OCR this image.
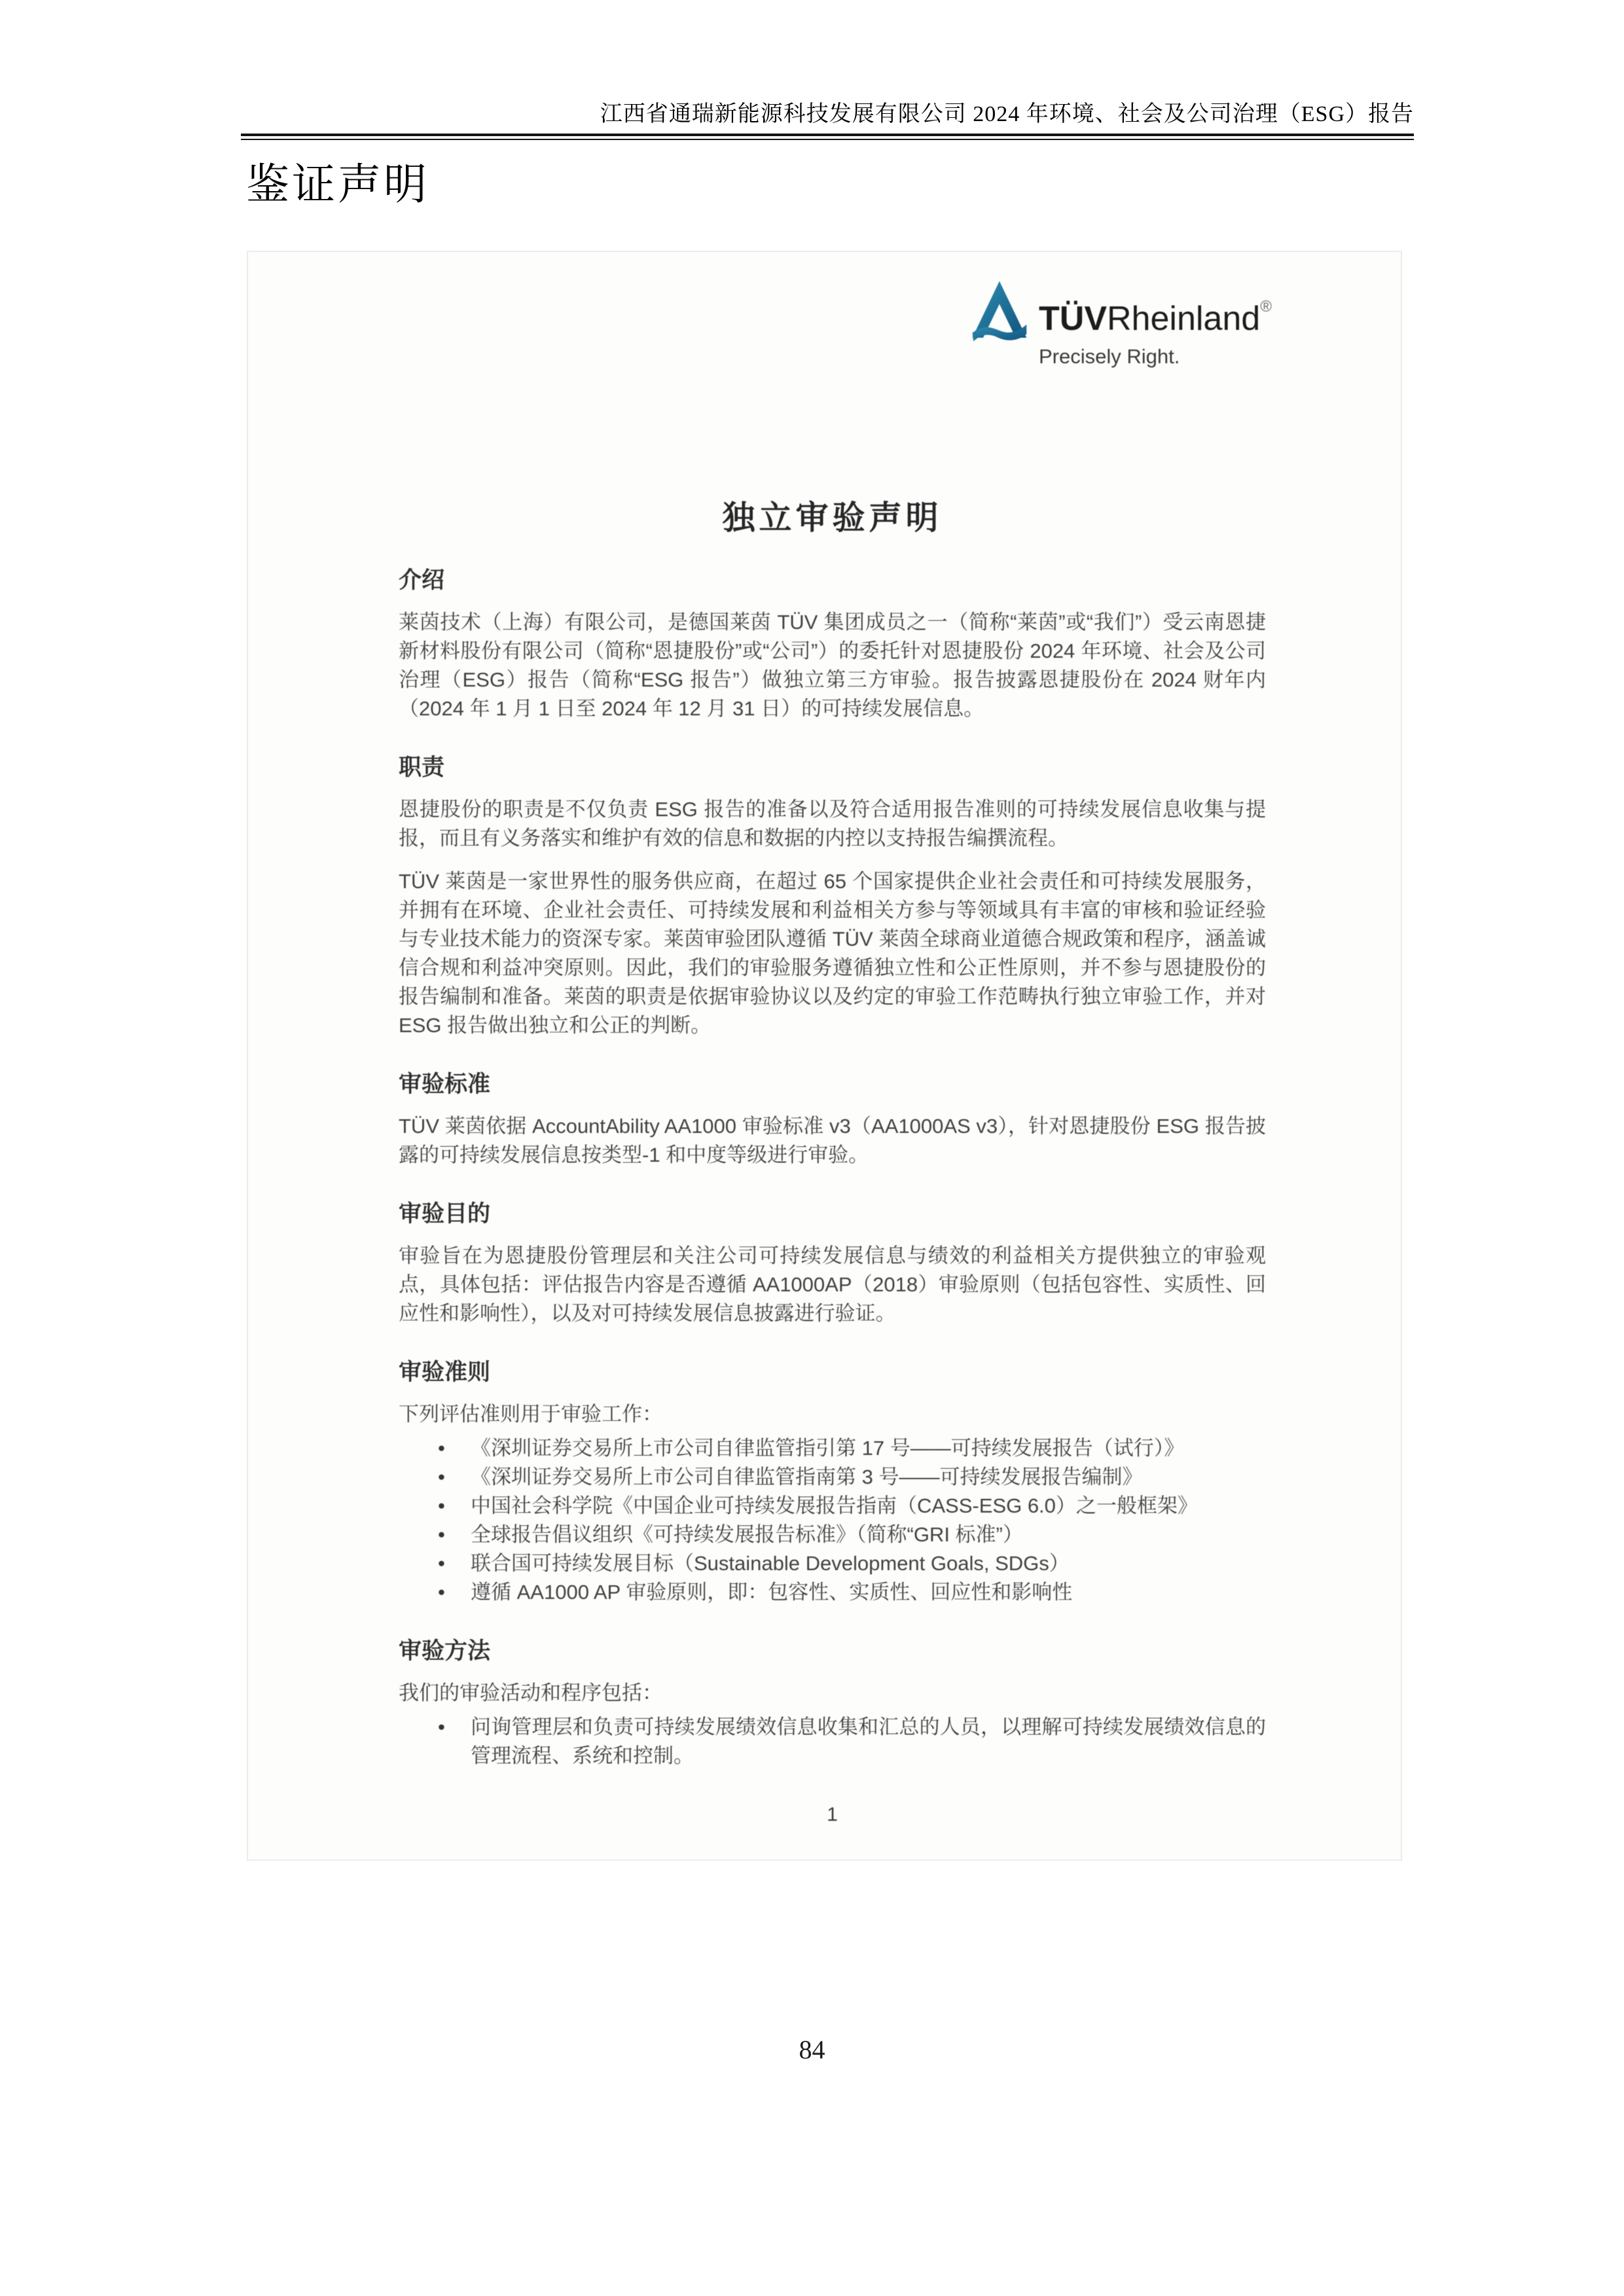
江西省通瑞新能源科技发展有限公司 2024 年环境、社会及公司治理（ESG）报告
鉴证声明
TÜVRheinland®
Precisely Right.
独立审验声明
介绍

莱茵技术（上海）有限公司，是德国莱茵 TÜV 集团成员之一（简称“莱茵”或“我们”）受云南恩捷新材料股份有限公司（简称“恩捷股份”或“公司”）的委托针对恩捷股份 2024 年环境、社会及公司治理（ESG）报告（简称“ESG 报告”）做独立第三方审验。报告披露恩捷股份在 2024 财年内（2024 年 1 月 1 日至 2024 年 12 月 31 日）的可持续发展信息。

职责

恩捷股份的职责是不仅负责 ESG 报告的准备以及符合适用报告准则的可持续发展信息收集与提报，而且有义务落实和维护有效的信息和数据的内控以支持报告编撰流程。

TÜV 莱茵是一家世界性的服务供应商，在超过 65 个国家提供企业社会责任和可持续发展服务，并拥有在环境、企业社会责任、可持续发展和利益相关方参与等领域具有丰富的审核和验证经验与专业技术能力的资深专家。莱茵审验团队遵循 TÜV 莱茵全球商业道德合规政策和程序，涵盖诚信合规和利益冲突原则。因此，我们的审验服务遵循独立性和公正性原则，并不参与恩捷股份的报告编制和准备。莱茵的职责是依据审验协议以及约定的审验工作范畴执行独立审验工作，并对 ESG 报告做出独立和公正的判断。

审验标准

TÜV 莱茵依据 AccountAbility AA1000 审验标准 v3（AA1000AS v3），针对恩捷股份 ESG 报告披露的可持续发展信息按类型-1 和中度等级进行审验。

审验目的

审验旨在为恩捷股份管理层和关注公司可持续发展信息与绩效的利益相关方提供独立的审验观点，具体包括：评估报告内容是否遵循 AA1000AP（2018）审验原则（包括包容性、实质性、回应性和影响性），以及对可持续发展信息披露进行验证。

审验准则

下列评估准则用于审验工作：

• 《深圳证券交易所上市公司自律监管指引第 17 号——可持续发展报告（试行）》
• 《深圳证券交易所上市公司自律监管指南第 3 号——可持续发展报告编制》
• 中国社会科学院《中国企业可持续发展报告指南（CASS-ESG 6.0）之一般框架》
• 全球报告倡议组织《可持续发展报告标准》（简称“GRI 标准”）
• 联合国可持续发展目标（Sustainable Development Goals, SDGs）
• 遵循 AA1000 AP 审验原则，即：包容性、实质性、回应性和影响性
审验方法

我们的审验活动和程序包括：

• 问询管理层和负责可持续发展绩效信息收集和汇总的人员，以理解可持续发展绩效信息的管理流程、系统和控制。
1
84
